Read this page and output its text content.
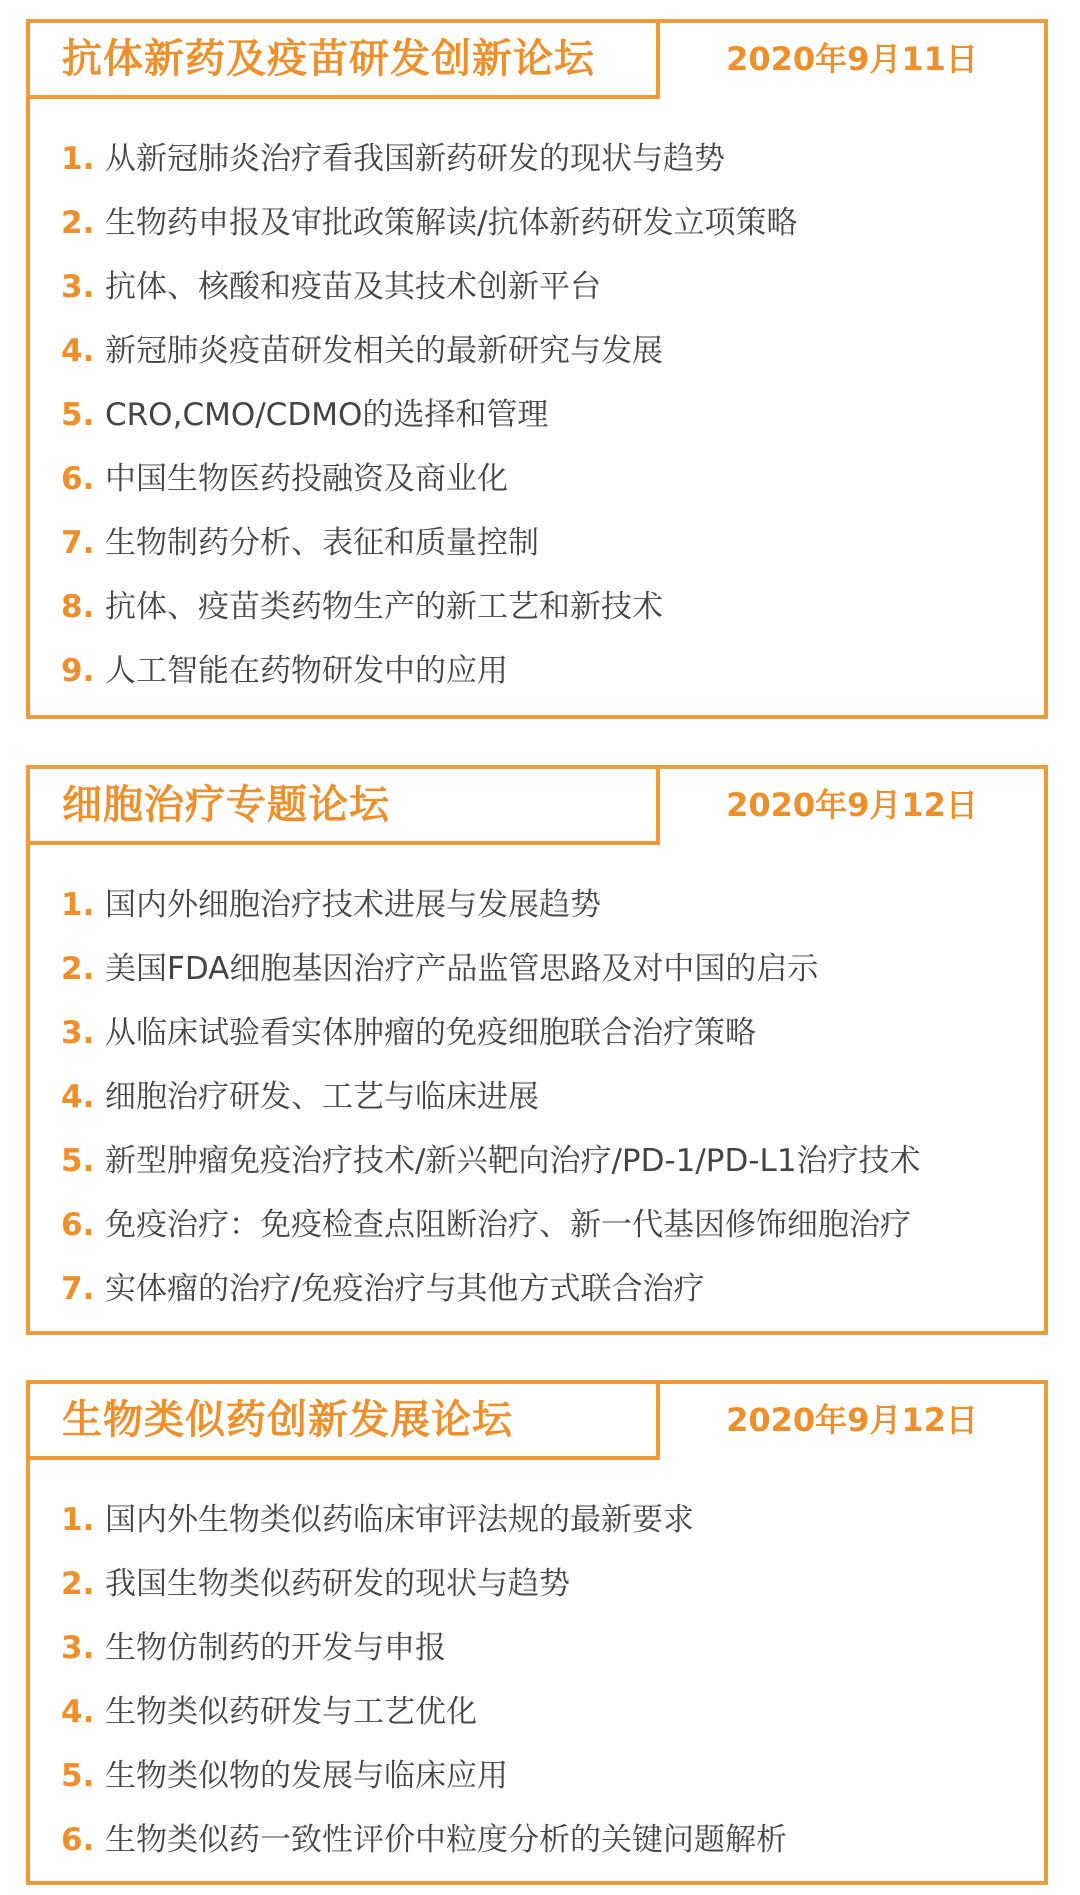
抗体新药及疫苗研发创新论坛	2020年9月11日
1. 从新冠肺炎治疗看我国新药研发的现状与趋势
2. 生物药申报及审批政策解读/抗体新药研发立项策略
3. 抗体、核酸和疫苗及其技术创新平台
4. 新冠肺炎疫苗研发相关的最新研究与发展
5. CRO,CMO/CDMO的选择和管理
6. 中国生物医药投融资及商业化
7. 生物制药分析、表征和质量控制
8. 抗体、疫苗类药物生产的新工艺和新技术
9. 人工智能在药物研发中的应用
细胞治疗专题论坛	2020年9月12日
1. 国内外细胞治疗技术进展与发展趋势
2. 美国FDA细胞基因治疗产品监管思路及对中国的启示
3. 从临床试验看实体肿瘤的免疫细胞联合治疗策略
4. 细胞治疗研发、工艺与临床进展
5. 新型肿瘤免疫治疗技术/新兴靶向治疗/PD-1/PD-L1治疗技术
6. 免疫治疗：免疫检查点阻断治疗、新一代基因修饰细胞治疗
7. 实体瘤的治疗/免疫治疗与其他方式联合治疗
生物类似药创新发展论坛	2020年9月12日
1. 国内外生物类似药临床审评法规的最新要求
2. 我国生物类似药研发的现状与趋势
3. 生物仿制药的开发与申报
4. 生物类似药研发与工艺优化
5. 生物类似物的发展与临床应用
6. 生物类似药一致性评价中粒度分析的关键问题解析
